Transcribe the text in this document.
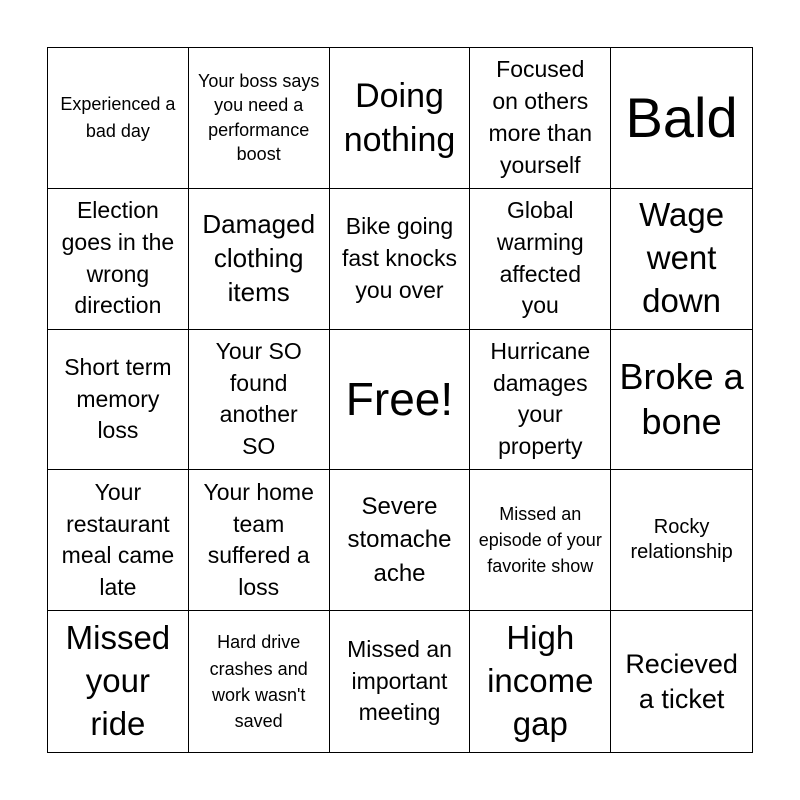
Experienced a bad day
Your boss says you need a performance boost
Doing nothing
Focused on others more than yourself
Bald
Election goes in the wrong direction
Damaged clothing items
Bike going fast knocks you over
Global warming affected you
Wage went down
Short term memory loss
Your SO found another SO
Free!
Hurricane damages your property
Broke a bone
Your restaurant meal came late
Your home team suffered a loss
Severe stomache ache
Missed an episode of your favorite show
Rocky relationship
Missed your ride
Hard drive crashes and work wasn't saved
Missed an important meeting
High income gap
Recieved a ticket
